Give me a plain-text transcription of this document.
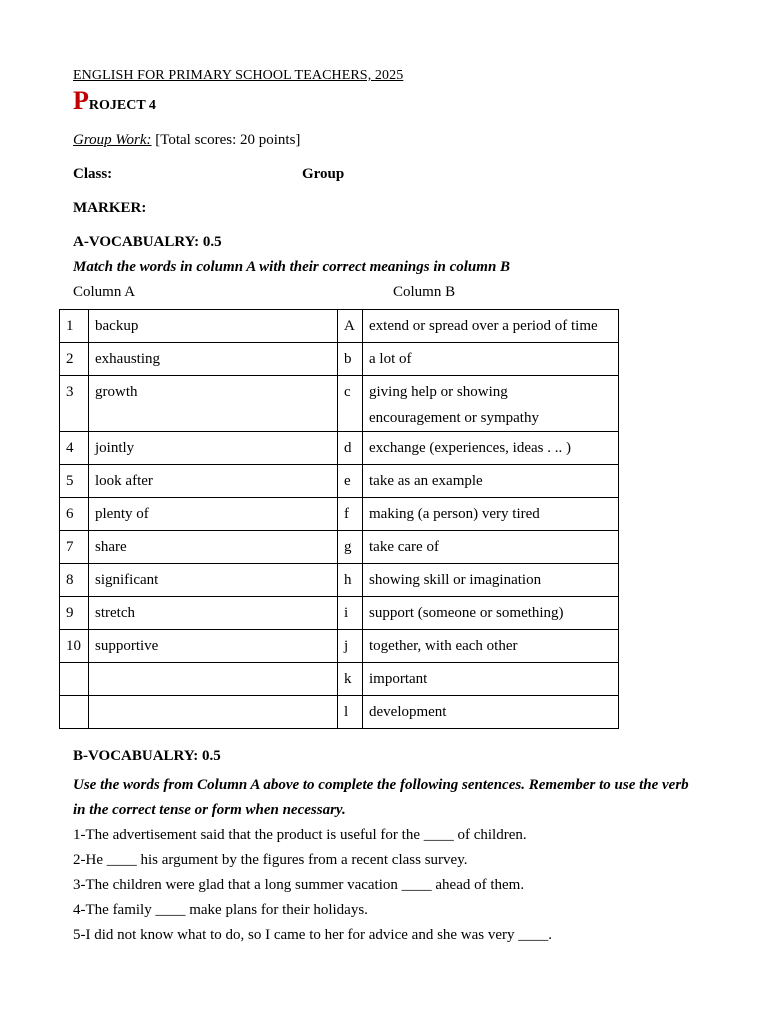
ENGLISH FOR PRIMARY SCHOOL TEACHERS, 2025
PROJECT 4
Group Work: [Total scores: 20 points]
Class:	Group
MARKER:
A-VOCABUALRY: 0.5
Match the words in column A with their correct meanings in column B
Column A	Column B
1	backup	A	extend or spread over a period of time
2	exhausting	b	a lot of
3	growth	c	giving help or showing
encouragement or sympathy

4	jointly	d	exchange (experiences, ideas . .. )
5	look after	e	take as an example
6	plenty of	f	making (a person) very tired
7	share	g	take care of
8	significant	h	showing skill or imagination
9	stretch	i	support (someone or something)
10	supportive	j	together, with each other
		k	important
		l	development
B-VOCABUALRY: 0.5
Use the words from Column A above to complete the following sentences. Remember to use the verb in the correct tense or form when necessary.
1-The advertisement said that the product is useful for the ____ of children.
2-He ____ his argument by the figures from a recent class survey.
3-The children were glad that a long summer vacation ____ ahead of them.
4-The family ____ make plans for their holidays.
5-I did not know what to do, so I came to her for advice and she was very ____.
